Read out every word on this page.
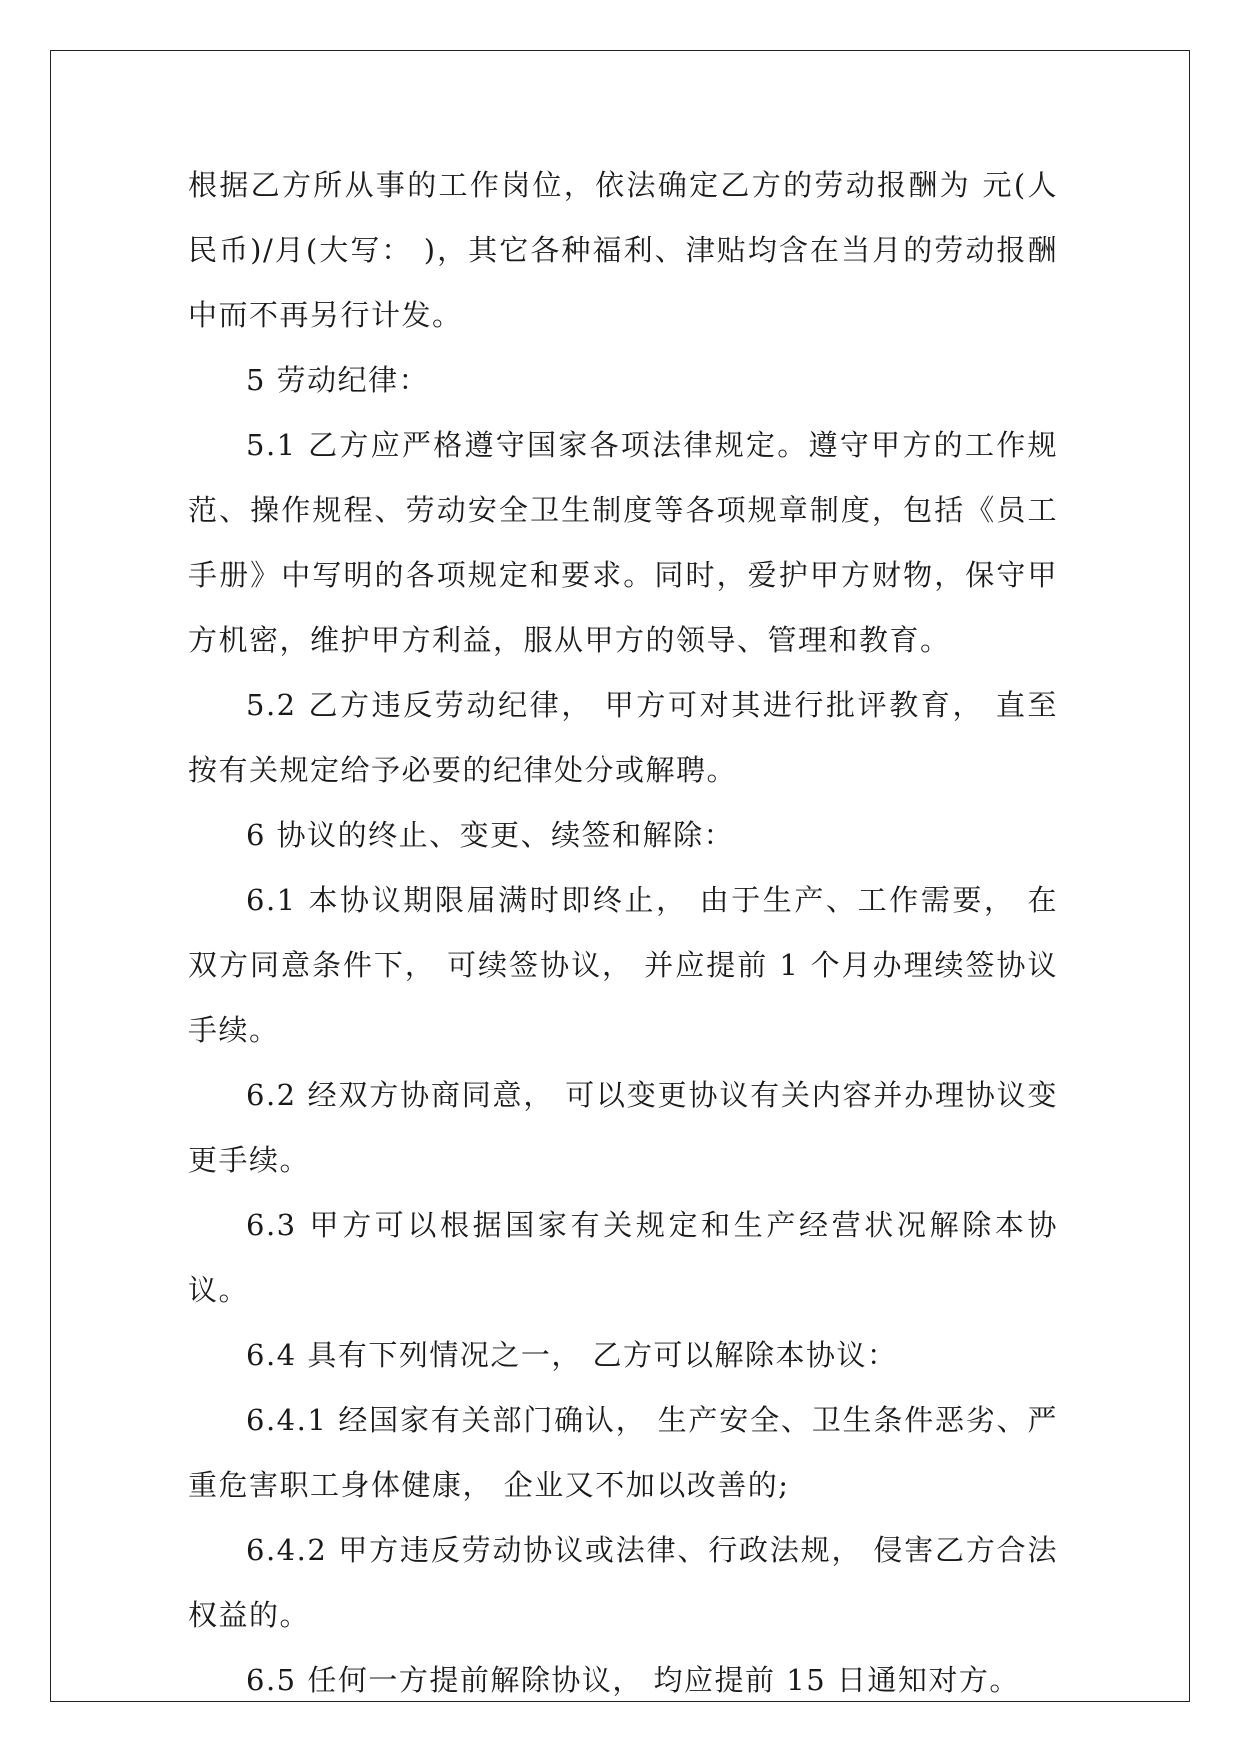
根据乙方所从事的工作岗位，依法确定乙方的劳动报酬为 元(人民币)/月(大写： )，其它各种福利、津贴均含在当月的劳动报酬中而不再另行计发。

5 劳动纪律：

5.1 乙方应严格遵守国家各项法律规定。遵守甲方的工作规范、操作规程、劳动安全卫生制度等各项规章制度，包括《员工手册》中写明的各项规定和要求。同时，爱护甲方财物，保守甲方机密，维护甲方利益，服从甲方的领导、管理和教育。

5.2 乙方违反劳动纪律， 甲方可对其进行批评教育， 直至按有关规定给予必要的纪律处分或解聘。

6 协议的终止、变更、续签和解除：

6.1 本协议期限届满时即终止， 由于生产、工作需要， 在双方同意条件下， 可续签协议， 并应提前 1 个月办理续签协议手续。

6.2 经双方协商同意， 可以变更协议有关内容并办理协议变更手续。

6.3 甲方可以根据国家有关规定和生产经营状况解除本协议。

6.4 具有下列情况之一， 乙方可以解除本协议：

6.4.1 经国家有关部门确认， 生产安全、卫生条件恶劣、严重危害职工身体健康， 企业又不加以改善的;

6.4.2 甲方违反劳动协议或法律、行政法规， 侵害乙方合法权益的。

6.5 任何一方提前解除协议， 均应提前 15 日通知对方。
